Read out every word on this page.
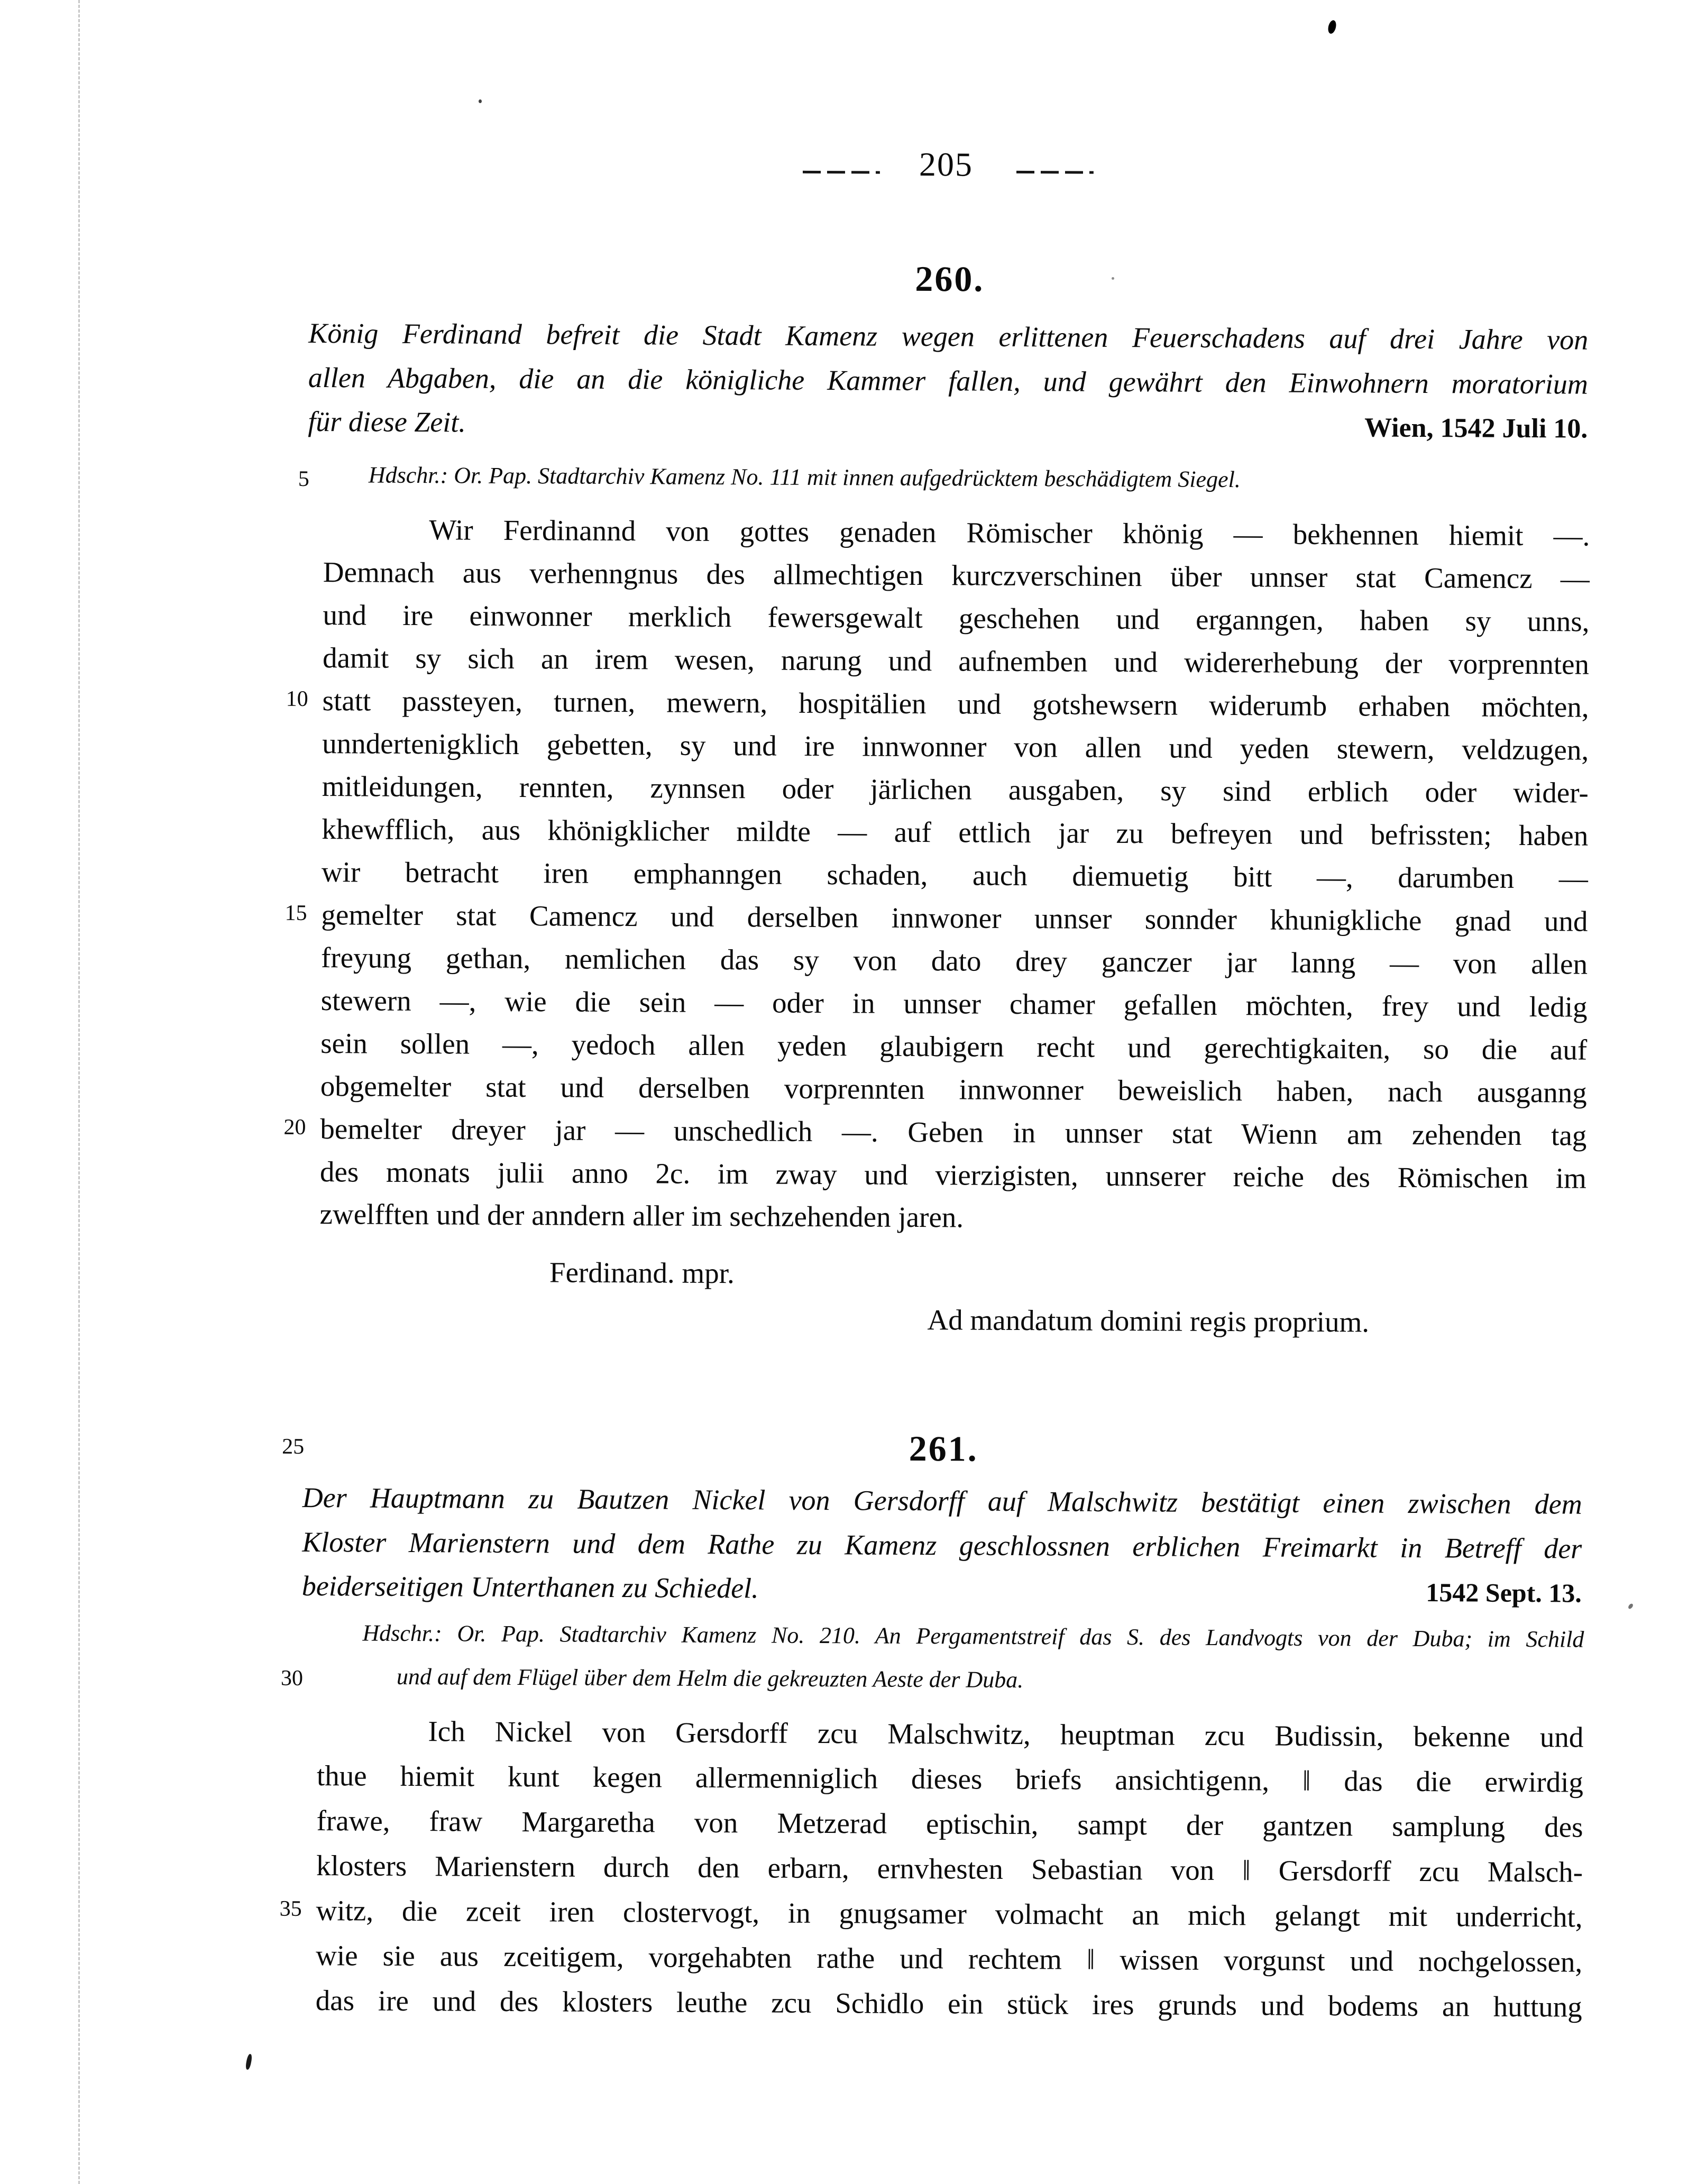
205
260.
König Ferdinand befreit die Stadt Kamenz wegen erlittenen Feuerschadens auf drei Jahre von
allen Abgaben, die an die königliche Kammer fallen, und gewährt den Einwohnern moratorium
für diese Zeit.	Wien, 1542 Juli 10.
5	Hdschr.: Or. Pap. Stadtarchiv Kamenz No. 111 mit innen aufgedrücktem beschädigtem Siegel.
Wir Ferdinannd von gottes genaden Römischer khönig — bekhennen hiemit —.
Demnach aus verhenngnus des allmechtigen kurczverschinen über unnser stat Camencz —
und ire einwonner merklich fewersgewalt geschehen und erganngen, haben sy unns,
damit sy sich an irem wesen, narung und aufnemben und widererhebung der vorprennten
10 statt passteyen, turnen, mewern, hospitälien und gotshewsern widerumb erhaben möchten,
unndertenigklich gebetten, sy und ire innwonner von allen und yeden stewern, veldzugen,
mitleidungen, rennten, zynnsen oder järlichen ausgaben, sy sind erblich oder wider-
khewfflich, aus khönigklicher mildte — auf ettlich jar zu befreyen und befrissten; haben
wir betracht iren emphanngen schaden, auch diemuetig bitt —, darumben —
15 gemelter stat Camencz und derselben innwoner unnser sonnder khunigkliche gnad und
freyung gethan, nemlichen das sy von dato drey ganczer jar lanng — von allen
stewern —, wie die sein — oder in unnser chamer gefallen möchten, frey und ledig
sein sollen —, yedoch allen yeden glaubigern recht und gerechtigkaiten, so die auf
obgemelter stat und derselben vorprennten innwonner beweislich haben, nach ausganng
20 bemelter dreyer jar — unschedlich —. Geben in unnser stat Wienn am zehenden tag
des monats julii anno 2c. im zway und vierzigisten, unnserer reiche des Römischen im
zwelfften und der anndern aller im sechzehenden jaren.
Ferdinand. mpr.
Ad mandatum domini regis proprium.
25	261.
Der Hauptmann zu Bautzen Nickel von Gersdorff auf Malschwitz bestätigt einen zwischen dem
Kloster Marienstern und dem Rathe zu Kamenz geschlossnen erblichen Freimarkt in Betreff der
beiderseitigen Unterthanen zu Schiedel.	1542 Sept. 13.
Hdschr.: Or. Pap. Stadtarchiv Kamenz No. 210. An Pergamentstreif das S. des Landvogts von der Duba; im Schild
30	und auf dem Flügel über dem Helm die gekreuzten Aeste der Duba.
Ich Nickel von Gersdorff zcu Malschwitz, heuptman zcu Budissin, bekenne und
thue hiemit kunt kegen allermenniglich dieses briefs ansichtigenn, ‖ das die erwirdig
frawe, fraw Margaretha von Metzerad eptischin, sampt der gantzen samplung des
klosters Marienstern durch den erbarn, ernvhesten Sebastian von ‖ Gersdorff zcu Malsch-
35 witz, die zceit iren clostervogt, in gnugsamer volmacht an mich gelangt mit underricht,
wie sie aus zceitigem, vorgehabten rathe und rechtem ‖ wissen vorgunst und nochgelossen,
das ire und des klosters leuthe zcu Schidlo ein stück ires grunds und bodems an huttung
